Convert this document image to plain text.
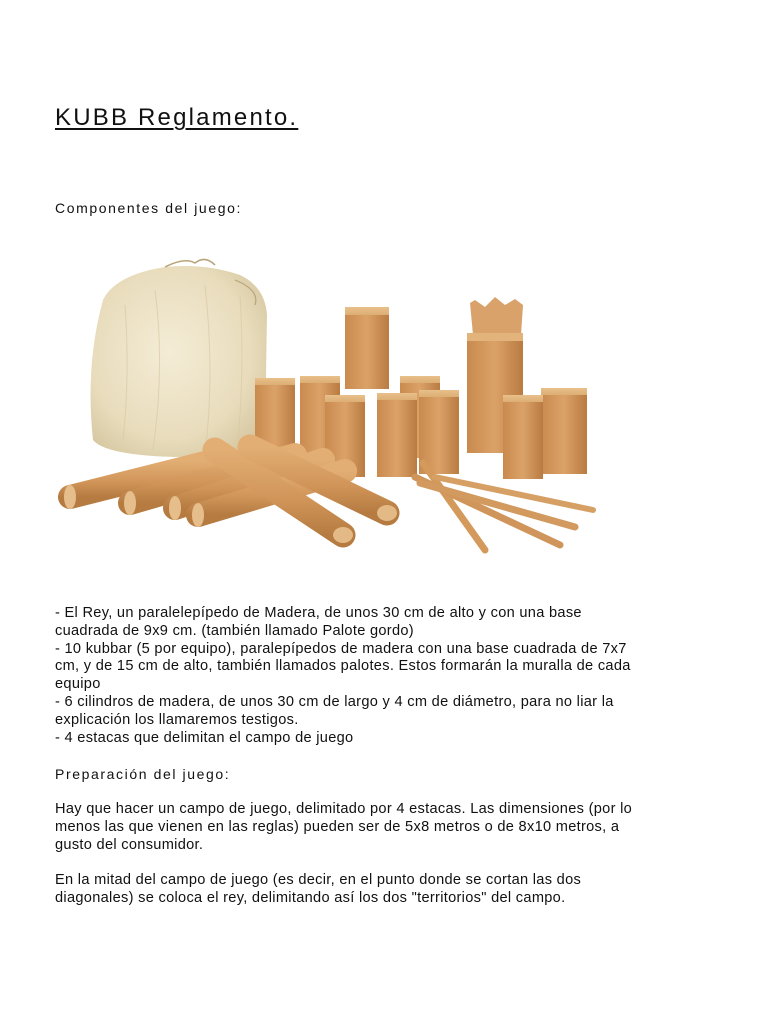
KUBB Reglamento.
Componentes del juego:
- El Rey, un paralelepípedo de Madera, de unos 30 cm de alto y con una base
cuadrada de 9x9 cm. (también llamado Palote gordo)
- 10 kubbar (5 por equipo), paralepípedos de madera con una base cuadrada de 7x7
cm, y de 15 cm de alto, también llamados palotes. Estos formarán la muralla de cada
equipo
- 6 cilindros de madera, de unos 30 cm de largo y 4 cm de diámetro, para no liar la
explicación los llamaremos testigos.
- 4 estacas que delimitan el campo de juego
Preparación del juego:
Hay que hacer un campo de juego, delimitado por 4 estacas. Las dimensiones (por lo
menos las que vienen en las reglas) pueden ser de 5x8 metros o de 8x10 metros, a
gusto del consumidor.
En la mitad del campo de juego (es decir, en el punto donde se cortan las dos
diagonales) se coloca el rey, delimitando así los dos "territorios" del campo.
